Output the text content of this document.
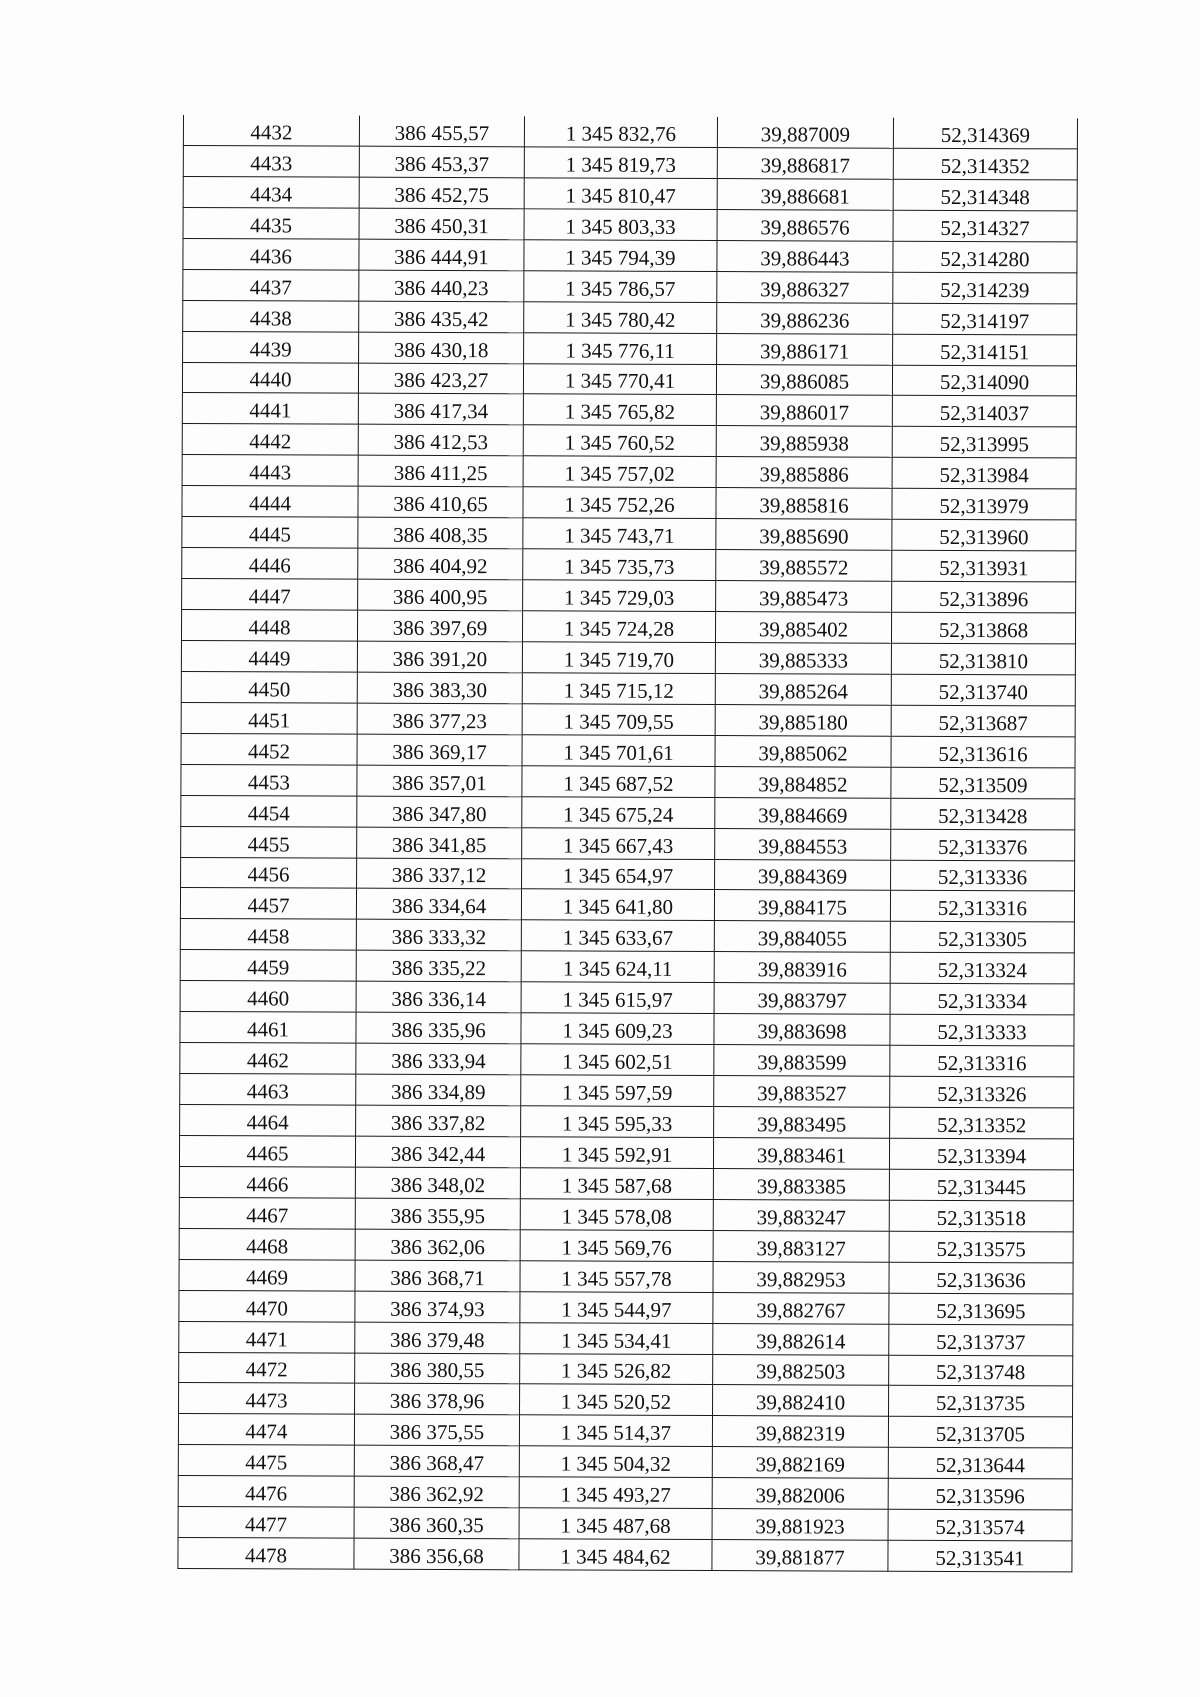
4432	386 455,57	1 345 832,76	39,887009	52,314369
4433	386 453,37	1 345 819,73	39,886817	52,314352
4434	386 452,75	1 345 810,47	39,886681	52,314348
4435	386 450,31	1 345 803,33	39,886576	52,314327
4436	386 444,91	1 345 794,39	39,886443	52,314280
4437	386 440,23	1 345 786,57	39,886327	52,314239
4438	386 435,42	1 345 780,42	39,886236	52,314197
4439	386 430,18	1 345 776,11	39,886171	52,314151
4440	386 423,27	1 345 770,41	39,886085	52,314090
4441	386 417,34	1 345 765,82	39,886017	52,314037
4442	386 412,53	1 345 760,52	39,885938	52,313995
4443	386 411,25	1 345 757,02	39,885886	52,313984
4444	386 410,65	1 345 752,26	39,885816	52,313979
4445	386 408,35	1 345 743,71	39,885690	52,313960
4446	386 404,92	1 345 735,73	39,885572	52,313931
4447	386 400,95	1 345 729,03	39,885473	52,313896
4448	386 397,69	1 345 724,28	39,885402	52,313868
4449	386 391,20	1 345 719,70	39,885333	52,313810
4450	386 383,30	1 345 715,12	39,885264	52,313740
4451	386 377,23	1 345 709,55	39,885180	52,313687
4452	386 369,17	1 345 701,61	39,885062	52,313616
4453	386 357,01	1 345 687,52	39,884852	52,313509
4454	386 347,80	1 345 675,24	39,884669	52,313428
4455	386 341,85	1 345 667,43	39,884553	52,313376
4456	386 337,12	1 345 654,97	39,884369	52,313336
4457	386 334,64	1 345 641,80	39,884175	52,313316
4458	386 333,32	1 345 633,67	39,884055	52,313305
4459	386 335,22	1 345 624,11	39,883916	52,313324
4460	386 336,14	1 345 615,97	39,883797	52,313334
4461	386 335,96	1 345 609,23	39,883698	52,313333
4462	386 333,94	1 345 602,51	39,883599	52,313316
4463	386 334,89	1 345 597,59	39,883527	52,313326
4464	386 337,82	1 345 595,33	39,883495	52,313352
4465	386 342,44	1 345 592,91	39,883461	52,313394
4466	386 348,02	1 345 587,68	39,883385	52,313445
4467	386 355,95	1 345 578,08	39,883247	52,313518
4468	386 362,06	1 345 569,76	39,883127	52,313575
4469	386 368,71	1 345 557,78	39,882953	52,313636
4470	386 374,93	1 345 544,97	39,882767	52,313695
4471	386 379,48	1 345 534,41	39,882614	52,313737
4472	386 380,55	1 345 526,82	39,882503	52,313748
4473	386 378,96	1 345 520,52	39,882410	52,313735
4474	386 375,55	1 345 514,37	39,882319	52,313705
4475	386 368,47	1 345 504,32	39,882169	52,313644
4476	386 362,92	1 345 493,27	39,882006	52,313596
4477	386 360,35	1 345 487,68	39,881923	52,313574
4478	386 356,68	1 345 484,62	39,881877	52,313541
